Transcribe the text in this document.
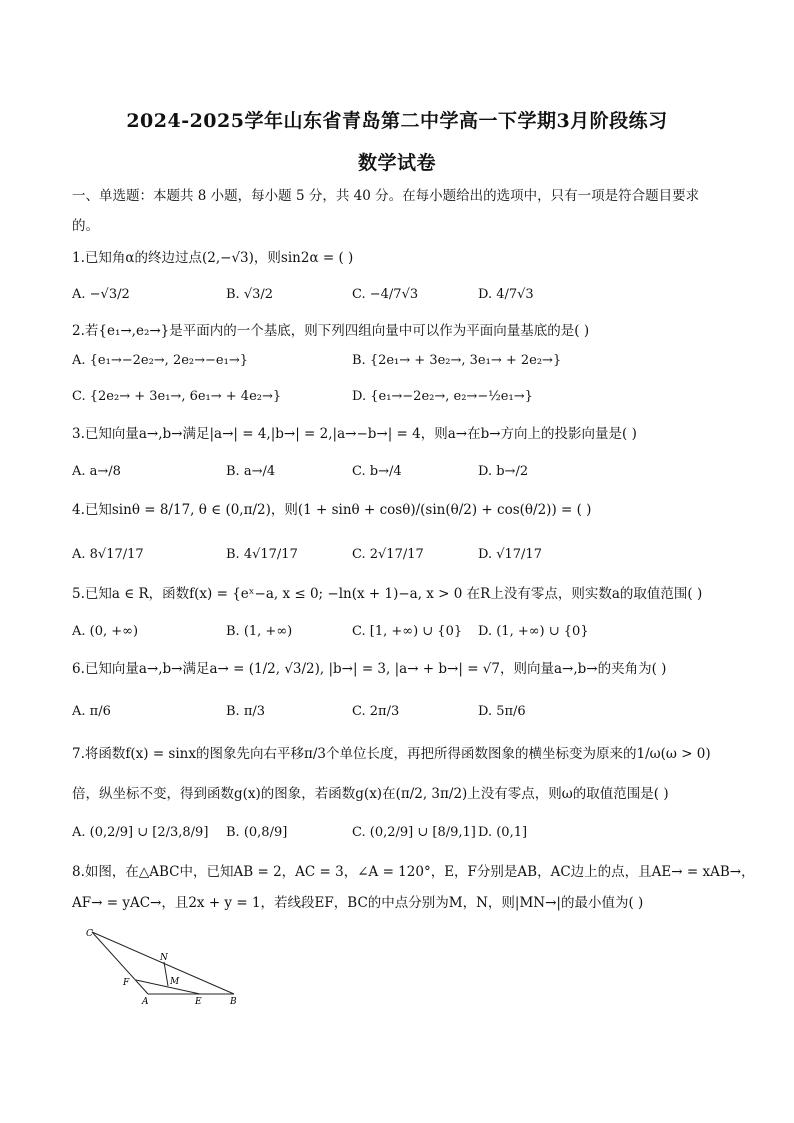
2024-2025学年山东省青岛第二中学高一下学期3月阶段练习
数学试卷
一、单选题：本题共 8 小题，每小题 5 分，共 40 分。在每小题给出的选项中，只有一项是符合题目要求
的。
1.已知角α的终边过点(2,−√3)，则sin2α = ( )
A. −√3/2	B. √3/2	C. −4/7√3	D. 4/7√3
2.若{e₁→,e₂→}是平面内的一个基底，则下列四组向量中可以作为平面向量基底的是( )
A. {e₁→−2e₂→, 2e₂→−e₁→}	B. {2e₁→ + 3e₂→, 3e₁→ + 2e₂→}
C. {2e₂→ + 3e₁→, 6e₁→ + 4e₂→}	D. {e₁→−2e₂→, e₂→−½e₁→}
3.已知向量a→,b→满足|a→| = 4,|b→| = 2,|a→−b→| = 4，则a→在b→方向上的投影向量是( )
A. a→/8	B. a→/4	C. b→/4	D. b→/2
4.已知sinθ = 8/17, θ ∈ (0,π/2)，则(1 + sinθ + cosθ)/(sin(θ/2) + cos(θ/2)) = ( )
A. 8√17/17	B. 4√17/17	C. 2√17/17	D. √17/17
5.已知a ∈ R，函数f(x) = {eˣ−a, x ≤ 0; −ln(x + 1)−a, x > 0 在R上没有零点，则实数a的取值范围( )
A. (0, +∞)	B. (1, +∞)	C. [1, +∞) ∪ {0} D. (1, +∞) ∪ {0}
6.已知向量a→,b→满足a→ = (1/2, √3/2), |b→| = 3, |a→ + b→| = √7，则向量a→,b→的夹角为( )
A. π/6	B. π/3	C. 2π/3	D. 5π/6
7.将函数f(x) = sinx的图象先向右平移π/3个单位长度，再把所得函数图象的横坐标变为原来的1/ω(ω > 0)
倍，纵坐标不变，得到函数g(x)的图象，若函数g(x)在(π/2, 3π/2)上没有零点，则ω的取值范围是( )
A. (0,2/9] ∪ [2/3,8/9] B. (0,8/9]	C. (0,2/9] ∪ [8/9,1] D. (0,1]
8.如图，在△ABC中，已知AB = 2，AC = 3，∠A = 120°，E，F分别是AB，AC边上的点，且AE→ = xAB→，
AF→ = yAC→，且2x + y = 1，若线段EF，BC的中点分别为M，N，则|MN→|的最小值为( )
C
N
M
F
A	E	B
